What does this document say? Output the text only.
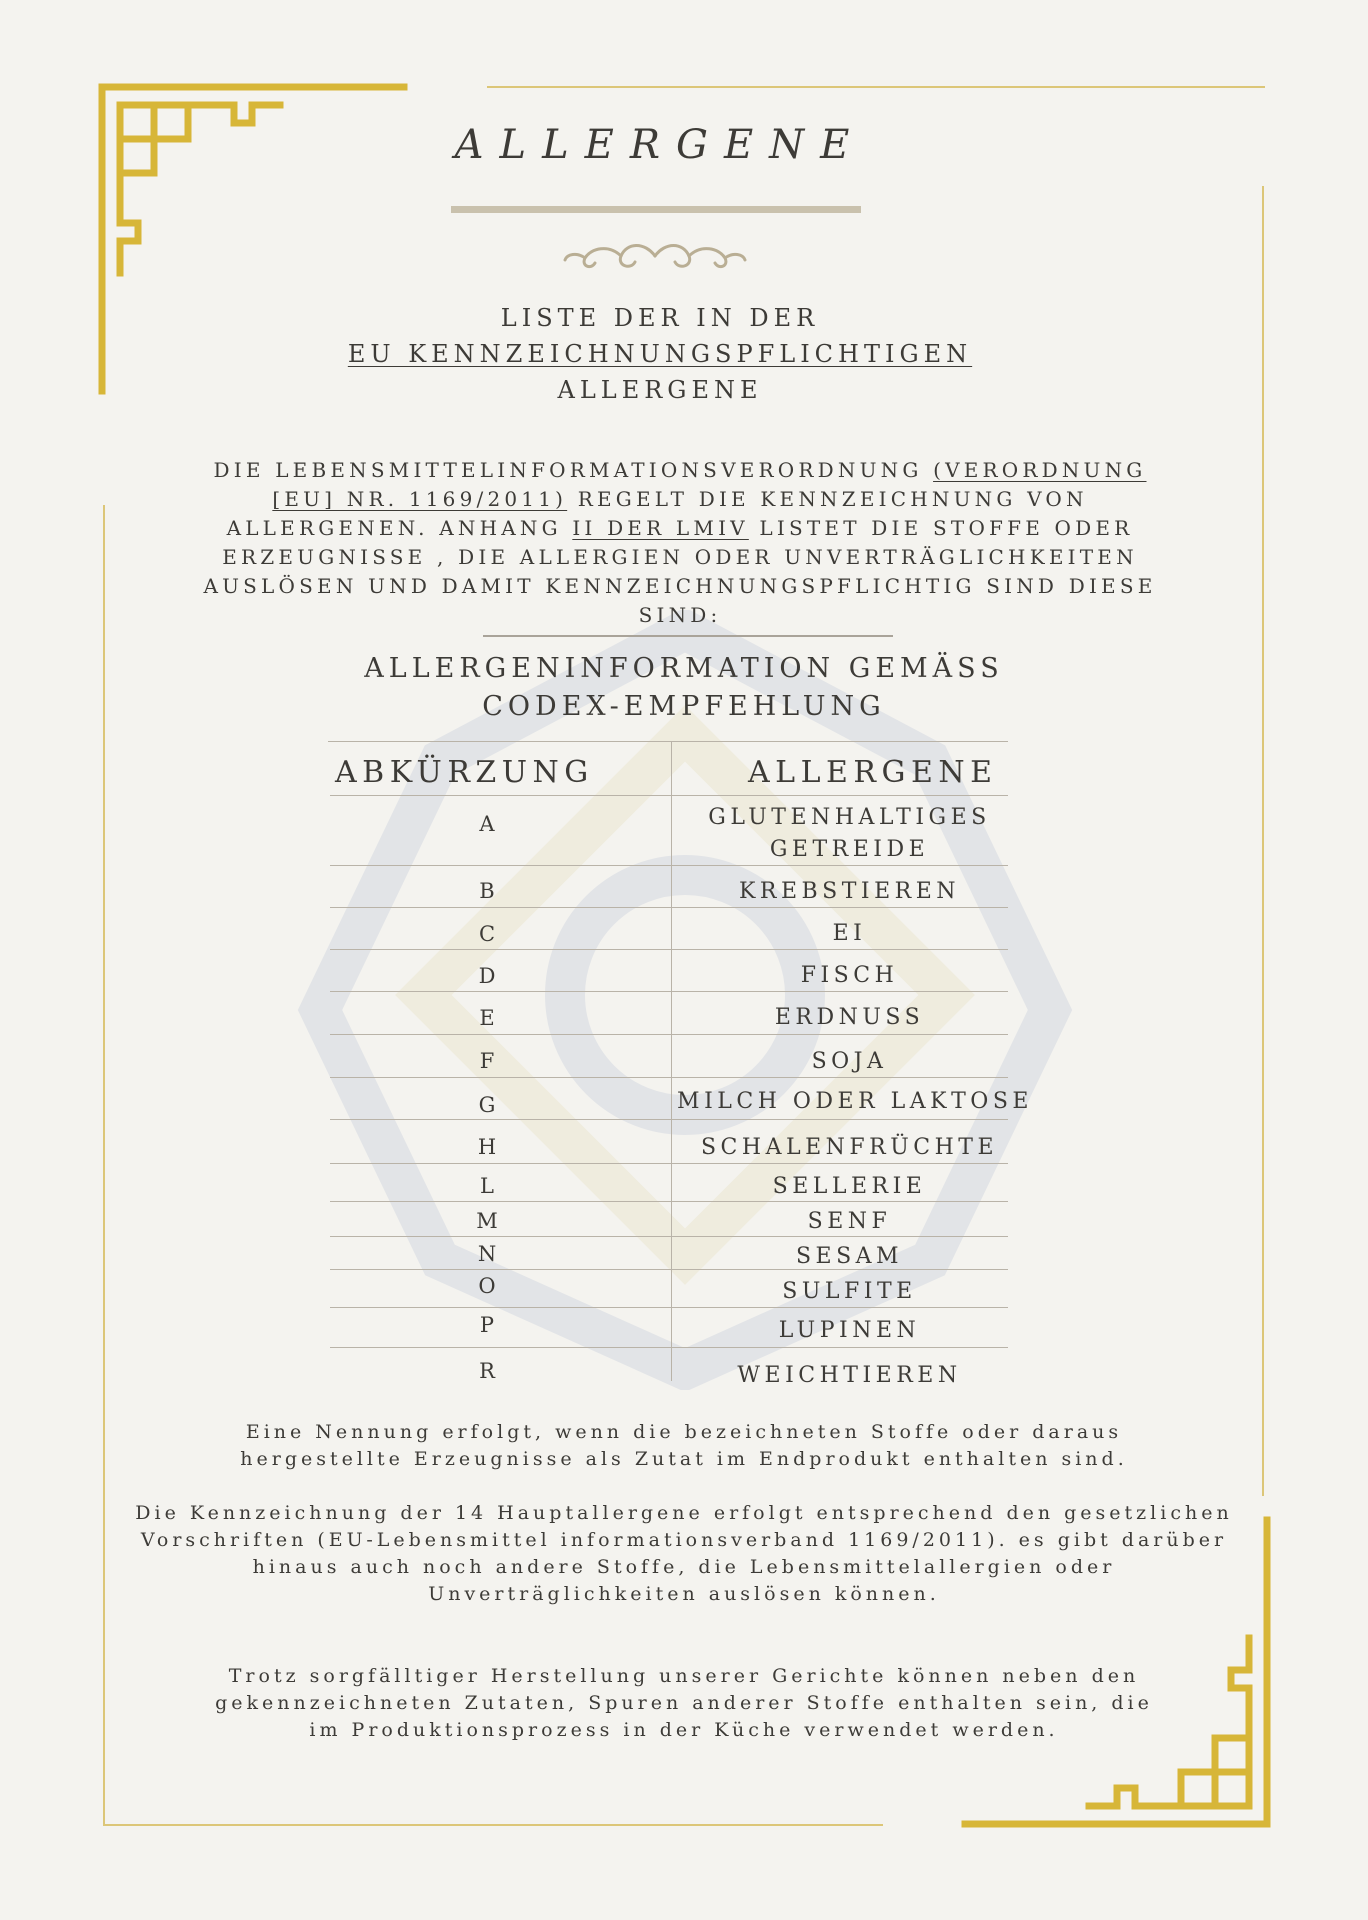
ALLERGENE
LISTE DER IN DER
EU KENNZEICHNUNGSPFLICHTIGEN
ALLERGENE
DIE LEBENSMITTELINFORMATIONSVERORDNUNG (VERORDNUNG [EU] NR. 1169/2011) REGELT DIE KENNZEICHNUNG VON ALLERGENEN. ANHANG II DER LMIV LISTET DIE STOFFE ODER ERZEUGNISSE , DIE ALLERGIEN ODER UNVERTRÄGLICHKEITEN AUSLÖSEN UND DAMIT KENNZEICHNUNGSPFLICHTIG SIND DIESE SIND:
ALLERGENINFORMATION GEMÄSS
CODEX-EMPFEHLUNG
ABKÜRZUNG	ALLERGENE
A	GLUTENHALTIGES
GETREIDE
B	KREBSTIEREN
C	EI
D	FISCH
E	ERDNUSS
F	SOJA
G	MILCH ODER LAKTOSE
H	SCHALENFRÜCHTE
L	SELLERIE
M	SENF
N	SESAM
O	SULFITE
P	LUPINEN
R	WEICHTIEREN
Eine Nennung erfolgt, wenn die bezeichneten Stoffe oder daraus hergestellte Erzeugnisse als Zutat im Endprodukt enthalten sind.
Die Kennzeichnung der 14 Hauptallergene erfolgt entsprechend den gesetzlichen Vorschriften (EU-Lebensmittel informationsverband 1169/2011). es gibt darüber hinaus auch noch andere Stoffe, die Lebensmittelallergien oder Unverträglichkeiten auslösen können.
Trotz sorgfälltiger Herstellung unserer Gerichte können neben den gekennzeichneten Zutaten, Spuren anderer Stoffe enthalten sein, die im Produktionsprozess in der Küche verwendet werden.
